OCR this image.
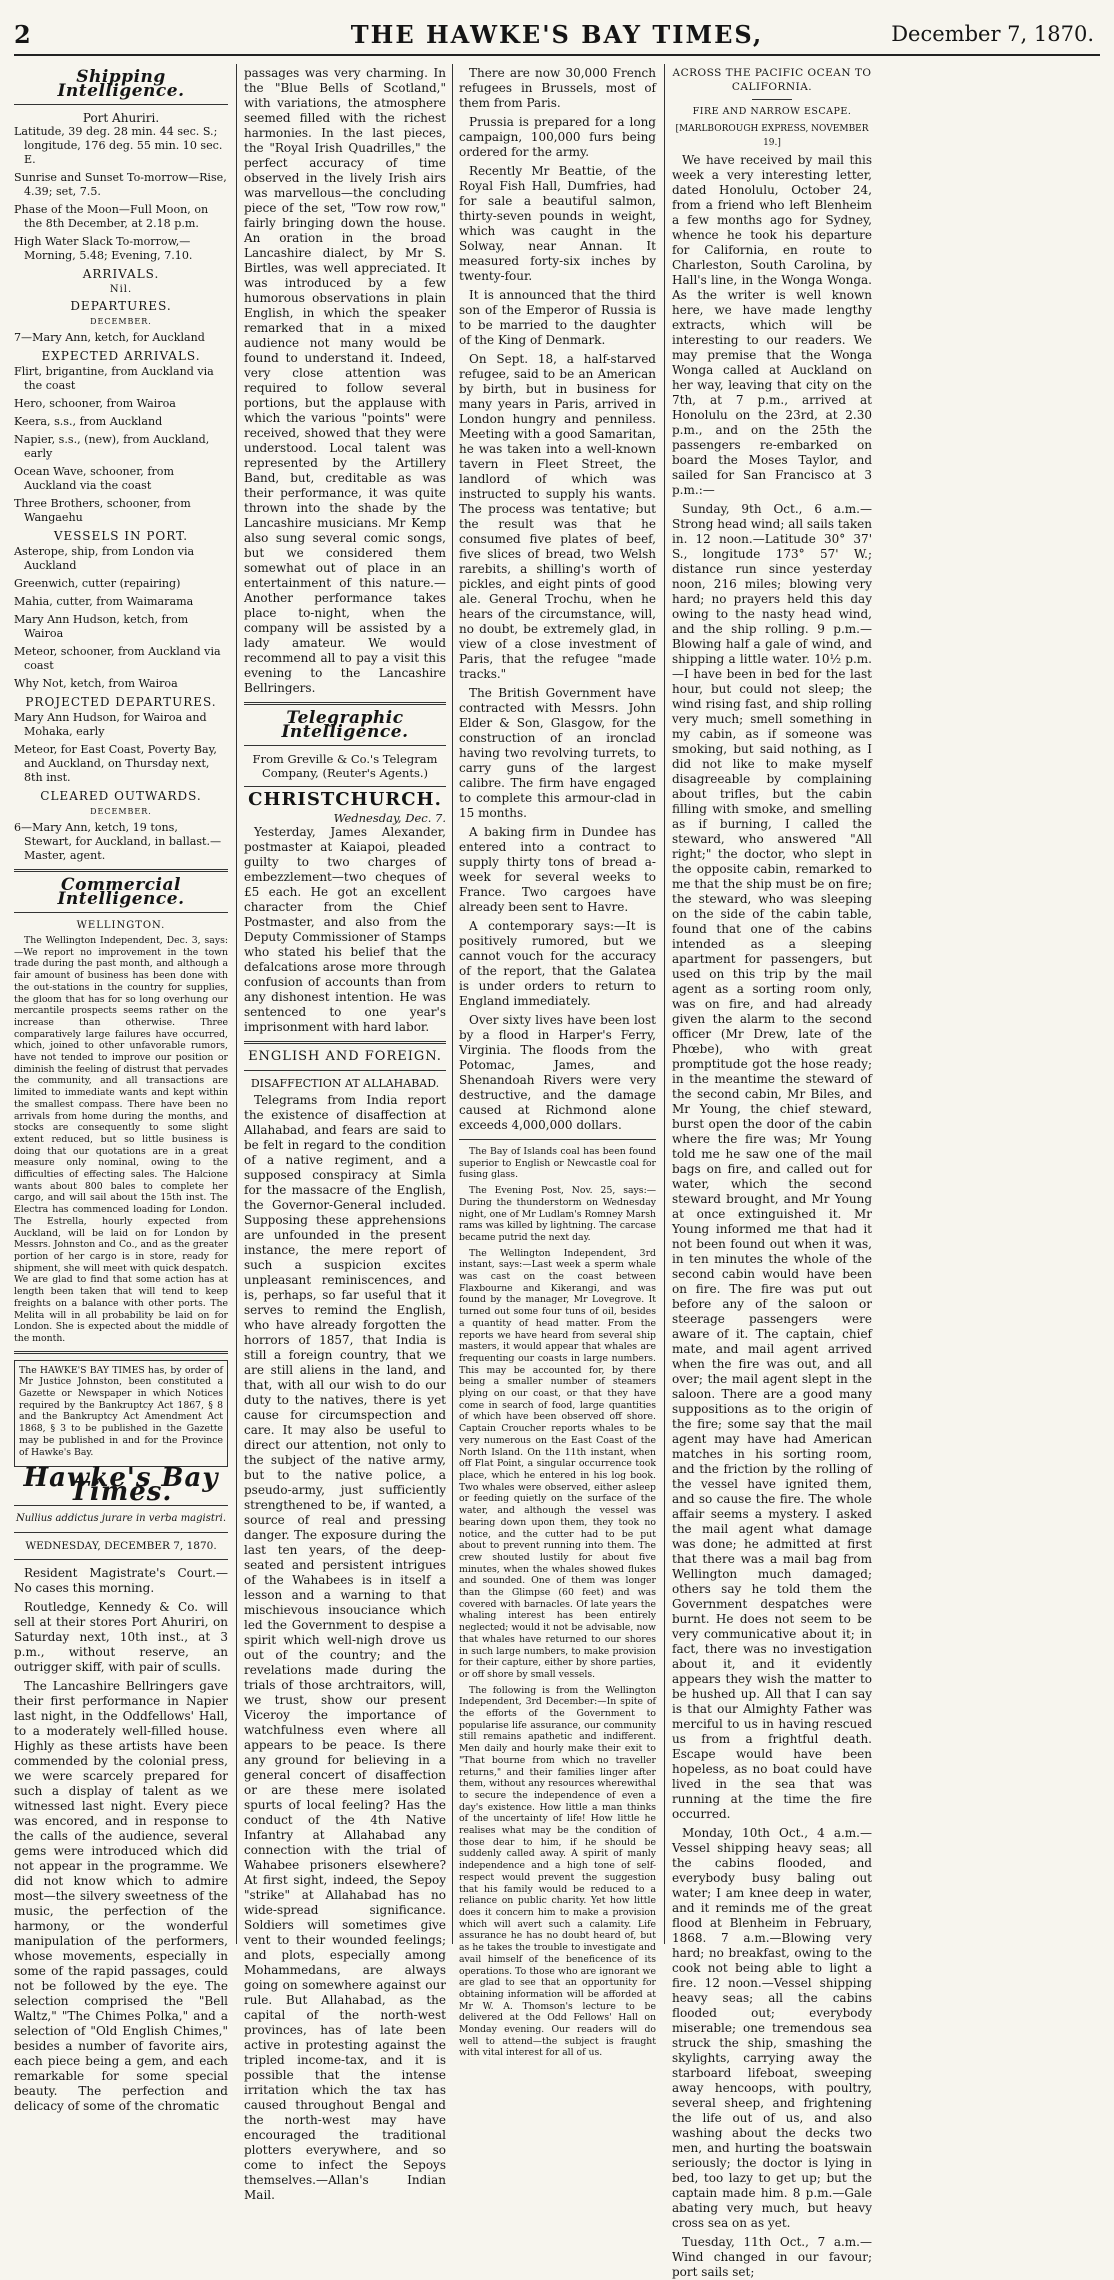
2	THE HAWKE'S BAY TIMES,	December 7, 1870.
Shipping Intelligence.
Port Ahuriri.

Latitude, 39 deg. 28 min. 44 sec. S.; longitude, 176 deg. 55 min. 10 sec. E.

Sunrise and Sunset To-morrow—Rise, 4.39; set, 7.5.

Phase of the Moon—Full Moon, on the 8th December, at 2.18 p.m.

High Water Slack To-morrow,—Morning, 5.48; Evening, 7.10.

ARRIVALS.
Nil.
DEPARTURES.
DECEMBER.

7—Mary Ann, ketch, for Auckland

EXPECTED ARRIVALS.

Flirt, brigantine, from Auckland via the coast

Hero, schooner, from Wairoa

Keera, s.s., from Auckland

Napier, s.s., (new), from Auckland, early

Ocean Wave, schooner, from Auckland via the coast

Three Brothers, schooner, from Wangaehu

VESSELS IN PORT.

Asterope, ship, from London via Auckland

Greenwich, cutter (repairing)

Mahia, cutter, from Waimarama

Mary Ann Hudson, ketch, from Wairoa

Meteor, schooner, from Auckland via coast

Why Not, ketch, from Wairoa

PROJECTED DEPARTURES.

Mary Ann Hudson, for Wairoa and Mohaka, early

Meteor, for East Coast, Poverty Bay, and Auckland, on Thursday next, 8th inst.

CLEARED OUTWARDS.
DECEMBER.

6—Mary Ann, ketch, 19 tons, Stewart, for Auckland, in ballast.—Master, agent.

Commercial Intelligence.
WELLINGTON.

The Wellington Independent, Dec. 3, says:—We report no improvement in the town trade during the past month, and although a fair amount of business has been done with the out-stations in the country for supplies, the gloom that has for so long overhung our mercantile prospects seems rather on the increase than otherwise. Three comparatively large failures have occurred, which, joined to other unfavorable rumors, have not tended to improve our position or diminish the feeling of distrust that pervades the community, and all transactions are limited to immediate wants and kept within the smallest compass. There have been no arrivals from home during the months, and stocks are consequently to some slight extent reduced, but so little business is doing that our quotations are in a great measure only nominal, owing to the difficulties of effecting sales. The Halcione wants about 800 bales to complete her cargo, and will sail about the 15th inst. The Electra has commenced loading for London. The Estrella, hourly expected from Auckland, will be laid on for London by Messrs. Johnston and Co., and as the greater portion of her cargo is in store, ready for shipment, she will meet with quick despatch. We are glad to find that some action has at length been taken that will tend to keep freights on a balance with other ports. The Melita will in all probability be laid on for London. She is expected about the middle of the month.

The HAWKE'S BAY TIMES has, by order of Mr Justice Johnston, been constituted a Gazette or Newspaper in which Notices required by the Bankruptcy Act 1867, § 8 and the Bankruptcy Act Amendment Act 1868, § 3 to be published in the Gazette may be published in and for the Province of Hawke's Bay.

Hawke's Bay Times.
Nullius addictus jurare in verba magistri.
WEDNESDAY, DECEMBER 7, 1870.

Resident Magistrate's Court.—No cases this morning.

Routledge, Kennedy & Co. will sell at their stores Port Ahuriri, on Saturday next, 10th inst., at 3 p.m., without reserve, an outrigger skiff, with pair of sculls.

The Lancashire Bellringers gave their first performance in Napier last night, in the Oddfellows' Hall, to a moderately well-filled house. Highly as these artists have been commended by the colonial press, we were scarcely prepared for such a display of talent as we witnessed last night. Every piece was encored, and in response to the calls of the audience, several gems were introduced which did not appear in the programme. We did not know which to admire most—the silvery sweetness of the music, the perfection of the harmony, or the wonderful manipulation of the performers, whose movements, especially in some of the rapid passages, could not be followed by the eye. The selection comprised the "Bell Waltz," "The Chimes Polka," and a selection of "Old English Chimes," besides a number of favorite airs, each piece being a gem, and each remarkable for some special beauty. The perfection and delicacy of some of the chromatic

passages was very charming. In the "Blue Bells of Scotland," with variations, the atmosphere seemed filled with the richest harmonies. In the last pieces, the "Royal Irish Quadrilles," the perfect accuracy of time observed in the lively Irish airs was marvellous—the concluding piece of the set, "Tow row row," fairly bringing down the house. An oration in the broad Lancashire dialect, by Mr S. Birtles, was well appreciated. It was introduced by a few humorous observations in plain English, in which the speaker remarked that in a mixed audience not many would be found to understand it. Indeed, very close attention was required to follow several portions, but the applause with which the various "points" were received, showed that they were understood. Local talent was represented by the Artillery Band, but, creditable as was their performance, it was quite thrown into the shade by the Lancashire musicians. Mr Kemp also sung several comic songs, but we considered them somewhat out of place in an entertainment of this nature.—Another performance takes place to-night, when the company will be assisted by a lady amateur. We would recommend all to pay a visit this evening to the Lancashire Bellringers.

Telegraphic Intelligence.
From Greville & Co.'s Telegram Company, (Reuter's Agents.)
CHRISTCHURCH.
Wednesday, Dec. 7.

Yesterday, James Alexander, postmaster at Kaiapoi, pleaded guilty to two charges of embezzlement—two cheques of £5 each. He got an excellent character from the Chief Postmaster, and also from the Deputy Commissioner of Stamps who stated his belief that the defalcations arose more through confusion of accounts than from any dishonest intention. He was sentenced to one year's imprisonment with hard labor.

ENGLISH AND FOREIGN.
DISAFFECTION AT ALLAHABAD.

Telegrams from India report the existence of disaffection at Allahabad, and fears are said to be felt in regard to the condition of a native regiment, and a supposed conspiracy at Simla for the massacre of the English, the Governor-General included. Supposing these apprehensions are unfounded in the present instance, the mere report of such a suspicion excites unpleasant reminiscences, and is, perhaps, so far useful that it serves to remind the English, who have already forgotten the horrors of 1857, that India is still a foreign country, that we are still aliens in the land, and that, with all our wish to do our duty to the natives, there is yet cause for circumspection and care. It may also be useful to direct our attention, not only to the subject of the native army, but to the native police, a pseudo-army, just sufficiently strengthened to be, if wanted, a source of real and pressing danger. The exposure during the last ten years, of the deep-seated and persistent intrigues of the Wahabees is in itself a lesson and a warning to that mischievous insouciance which led the Government to despise a spirit which well-nigh drove us out of the country; and the revelations made during the trials of those archtraitors, will, we trust, show our present Viceroy the importance of watchfulness even where all appears to be peace. Is there any ground for believing in a general concert of disaffection or are these mere isolated spurts of local feeling? Has the conduct of the 4th Native Infantry at Allahabad any connection with the trial of Wahabee prisoners elsewhere? At first sight, indeed, the Sepoy "strike" at Allahabad has no wide-spread significance. Soldiers will sometimes give vent to their wounded feelings; and plots, especially among Mohammedans, are always going on somewhere against our rule. But Allahabad, as the capital of the north-west provinces, has of late been active in protesting against the tripled income-tax, and it is possible that the intense irritation which the tax has caused throughout Bengal and the north-west may have encouraged the traditional plotters everywhere, and so come to infect the Sepoys themselves.—Allan's Indian Mail.

There are now 30,000 French refugees in Brussels, most of them from Paris.

Prussia is prepared for a long campaign, 100,000 furs being ordered for the army.

Recently Mr Beattie, of the Royal Fish Hall, Dumfries, had for sale a beautiful salmon, thirty-seven pounds in weight, which was caught in the Solway, near Annan. It measured forty-six inches by twenty-four.

It is announced that the third son of the Emperor of Russia is to be married to the daughter of the King of Denmark.

On Sept. 18, a half-starved refugee, said to be an American by birth, but in business for many years in Paris, arrived in London hungry and penniless. Meeting with a good Samaritan, he was taken into a well-known tavern in Fleet Street, the landlord of which was instructed to supply his wants. The process was tentative; but the result was that he consumed five plates of beef, five slices of bread, two Welsh rarebits, a shilling's worth of pickles, and eight pints of good ale. General Trochu, when he hears of the circumstance, will, no doubt, be extremely glad, in view of a close investment of Paris, that the refugee "made tracks."

The British Government have contracted with Messrs. John Elder & Son, Glasgow, for the construction of an ironclad having two revolving turrets, to carry guns of the largest calibre. The firm have engaged to complete this armour-clad in 15 months.

A baking firm in Dundee has entered into a contract to supply thirty tons of bread a-week for several weeks to France. Two cargoes have already been sent to Havre.

A contemporary says:—It is positively rumored, but we cannot vouch for the accuracy of the report, that the Galatea is under orders to return to England immediately.

Over sixty lives have been lost by a flood in Harper's Ferry, Virginia. The floods from the Potomac, James, and Shenandoah Rivers were very destructive, and the damage caused at Richmond alone exceeds 4,000,000 dollars.

The Bay of Islands coal has been found superior to English or Newcastle coal for fusing glass.

The Evening Post, Nov. 25, says:—During the thunderstorm on Wednesday night, one of Mr Ludlam's Romney Marsh rams was killed by lightning. The carcase became putrid the next day.

The Wellington Independent, 3rd instant, says:—Last week a sperm whale was cast on the coast between Flaxbourne and Kikerangi, and was found by the manager, Mr Lovegrove. It turned out some four tuns of oil, besides a quantity of head matter. From the reports we have heard from several ship masters, it would appear that whales are frequenting our coasts in large numbers. This may be accounted for, by there being a smaller number of steamers plying on our coast, or that they have come in search of food, large quantities of which have been observed off shore. Captain Croucher reports whales to be very numerous on the East Coast of the North Island. On the 11th instant, when off Flat Point, a singular occurrence took place, which he entered in his log book. Two whales were observed, either asleep or feeding quietly on the surface of the water, and although the vessel was bearing down upon them, they took no notice, and the cutter had to be put about to prevent running into them. The crew shouted lustily for about five minutes, when the whales showed flukes and sounded. One of them was longer than the Glimpse (60 feet) and was covered with barnacles. Of late years the whaling interest has been entirely neglected; would it not be advisable, now that whales have returned to our shores in such large numbers, to make provision for their capture, either by shore parties, or off shore by small vessels.

The following is from the Wellington Independent, 3rd December:—In spite of the efforts of the Government to popularise life assurance, our community still remains apathetic and indifferent. Men daily and hourly make their exit to "That bourne from which no traveller returns," and their families linger after them, without any resources wherewithal to secure the independence of even a day's existence. How little a man thinks of the uncertainty of life! How little he realises what may be the condition of those dear to him, if he should be suddenly called away. A spirit of manly independence and a high tone of self-respect would prevent the suggestion that his family would be reduced to a reliance on public charity. Yet how little does it concern him to make a provision which will avert such a calamity. Life assurance he has no doubt heard of, but as he takes the trouble to investigate and avail himself of the beneficence of its operations. To those who are ignorant we are glad to see that an opportunity for obtaining information will be afforded at Mr W. A. Thomson's lecture to be delivered at the Odd Fellows' Hall on Monday evening. Our readers will do well to attend—the subject is fraught with vital interest for all of us.

ACROSS THE PACIFIC OCEAN TO CALIFORNIA.
FIRE AND NARROW ESCAPE.
[MARLBOROUGH EXPRESS, NOVEMBER 19.]

We have received by mail this week a very interesting letter, dated Honolulu, October 24, from a friend who left Blenheim a few months ago for Sydney, whence he took his departure for California, en route to Charleston, South Carolina, by Hall's line, in the Wonga Wonga. As the writer is well known here, we have made lengthy extracts, which will be interesting to our readers. We may premise that the Wonga Wonga called at Auckland on her way, leaving that city on the 7th, at 7 p.m., arrived at Honolulu on the 23rd, at 2.30 p.m., and on the 25th the passengers re-embarked on board the Moses Taylor, and sailed for San Francisco at 3 p.m.:—

Sunday, 9th Oct., 6 a.m.—Strong head wind; all sails taken in. 12 noon.—Latitude 30° 37' S., longitude 173° 57' W.; distance run since yesterday noon, 216 miles; blowing very hard; no prayers held this day owing to the nasty head wind, and the ship rolling. 9 p.m.—Blowing half a gale of wind, and shipping a little water. 10½ p.m.—I have been in bed for the last hour, but could not sleep; the wind rising fast, and ship rolling very much; smell something in my cabin, as if someone was smoking, but said nothing, as I did not like to make myself disagreeable by complaining about trifles, but the cabin filling with smoke, and smelling as if burning, I called the steward, who answered "All right;" the doctor, who slept in the opposite cabin, remarked to me that the ship must be on fire; the steward, who was sleeping on the side of the cabin table, found that one of the cabins intended as a sleeping apartment for passengers, but used on this trip by the mail agent as a sorting room only, was on fire, and had already given the alarm to the second officer (Mr Drew, late of the Phœbe), who with great promptitude got the hose ready; in the meantime the steward of the second cabin, Mr Biles, and Mr Young, the chief steward, burst open the door of the cabin where the fire was; Mr Young told me he saw one of the mail bags on fire, and called out for water, which the second steward brought, and Mr Young at once extinguished it. Mr Young informed me that had it not been found out when it was, in ten minutes the whole of the second cabin would have been on fire. The fire was put out before any of the saloon or steerage passengers were aware of it. The captain, chief mate, and mail agent arrived when the fire was out, and all over; the mail agent slept in the saloon. There are a good many suppositions as to the origin of the fire; some say that the mail agent may have had American matches in his sorting room, and the friction by the rolling of the vessel have ignited them, and so cause the fire. The whole affair seems a mystery. I asked the mail agent what damage was done; he admitted at first that there was a mail bag from Wellington much damaged; others say he told them the Government despatches were burnt. He does not seem to be very communicative about it; in fact, there was no investigation about it, and it evidently appears they wish the matter to be hushed up. All that I can say is that our Almighty Father was merciful to us in having rescued us from a frightful death. Escape would have been hopeless, as no boat could have lived in the sea that was running at the time the fire occurred.

Monday, 10th Oct., 4 a.m.—Vessel shipping heavy seas; all the cabins flooded, and everybody busy baling out water; I am knee deep in water, and it reminds me of the great flood at Blenheim in February, 1868. 7 a.m.—Blowing very hard; no breakfast, owing to the cook not being able to light a fire. 12 noon.—Vessel shipping heavy seas; all the cabins flooded out; everybody miserable; one tremendous sea struck the ship, smashing the skylights, carrying away the starboard lifeboat, sweeping away hencoops, with poultry, several sheep, and frightening the life out of us, and also washing about the decks two men, and hurting the boatswain seriously; the doctor is lying in bed, too lazy to get up; but the captain made him. 8 p.m.—Gale abating very much, but heavy cross sea on as yet.

Tuesday, 11th Oct., 7 a.m.—Wind changed in our favour; port sails set;
